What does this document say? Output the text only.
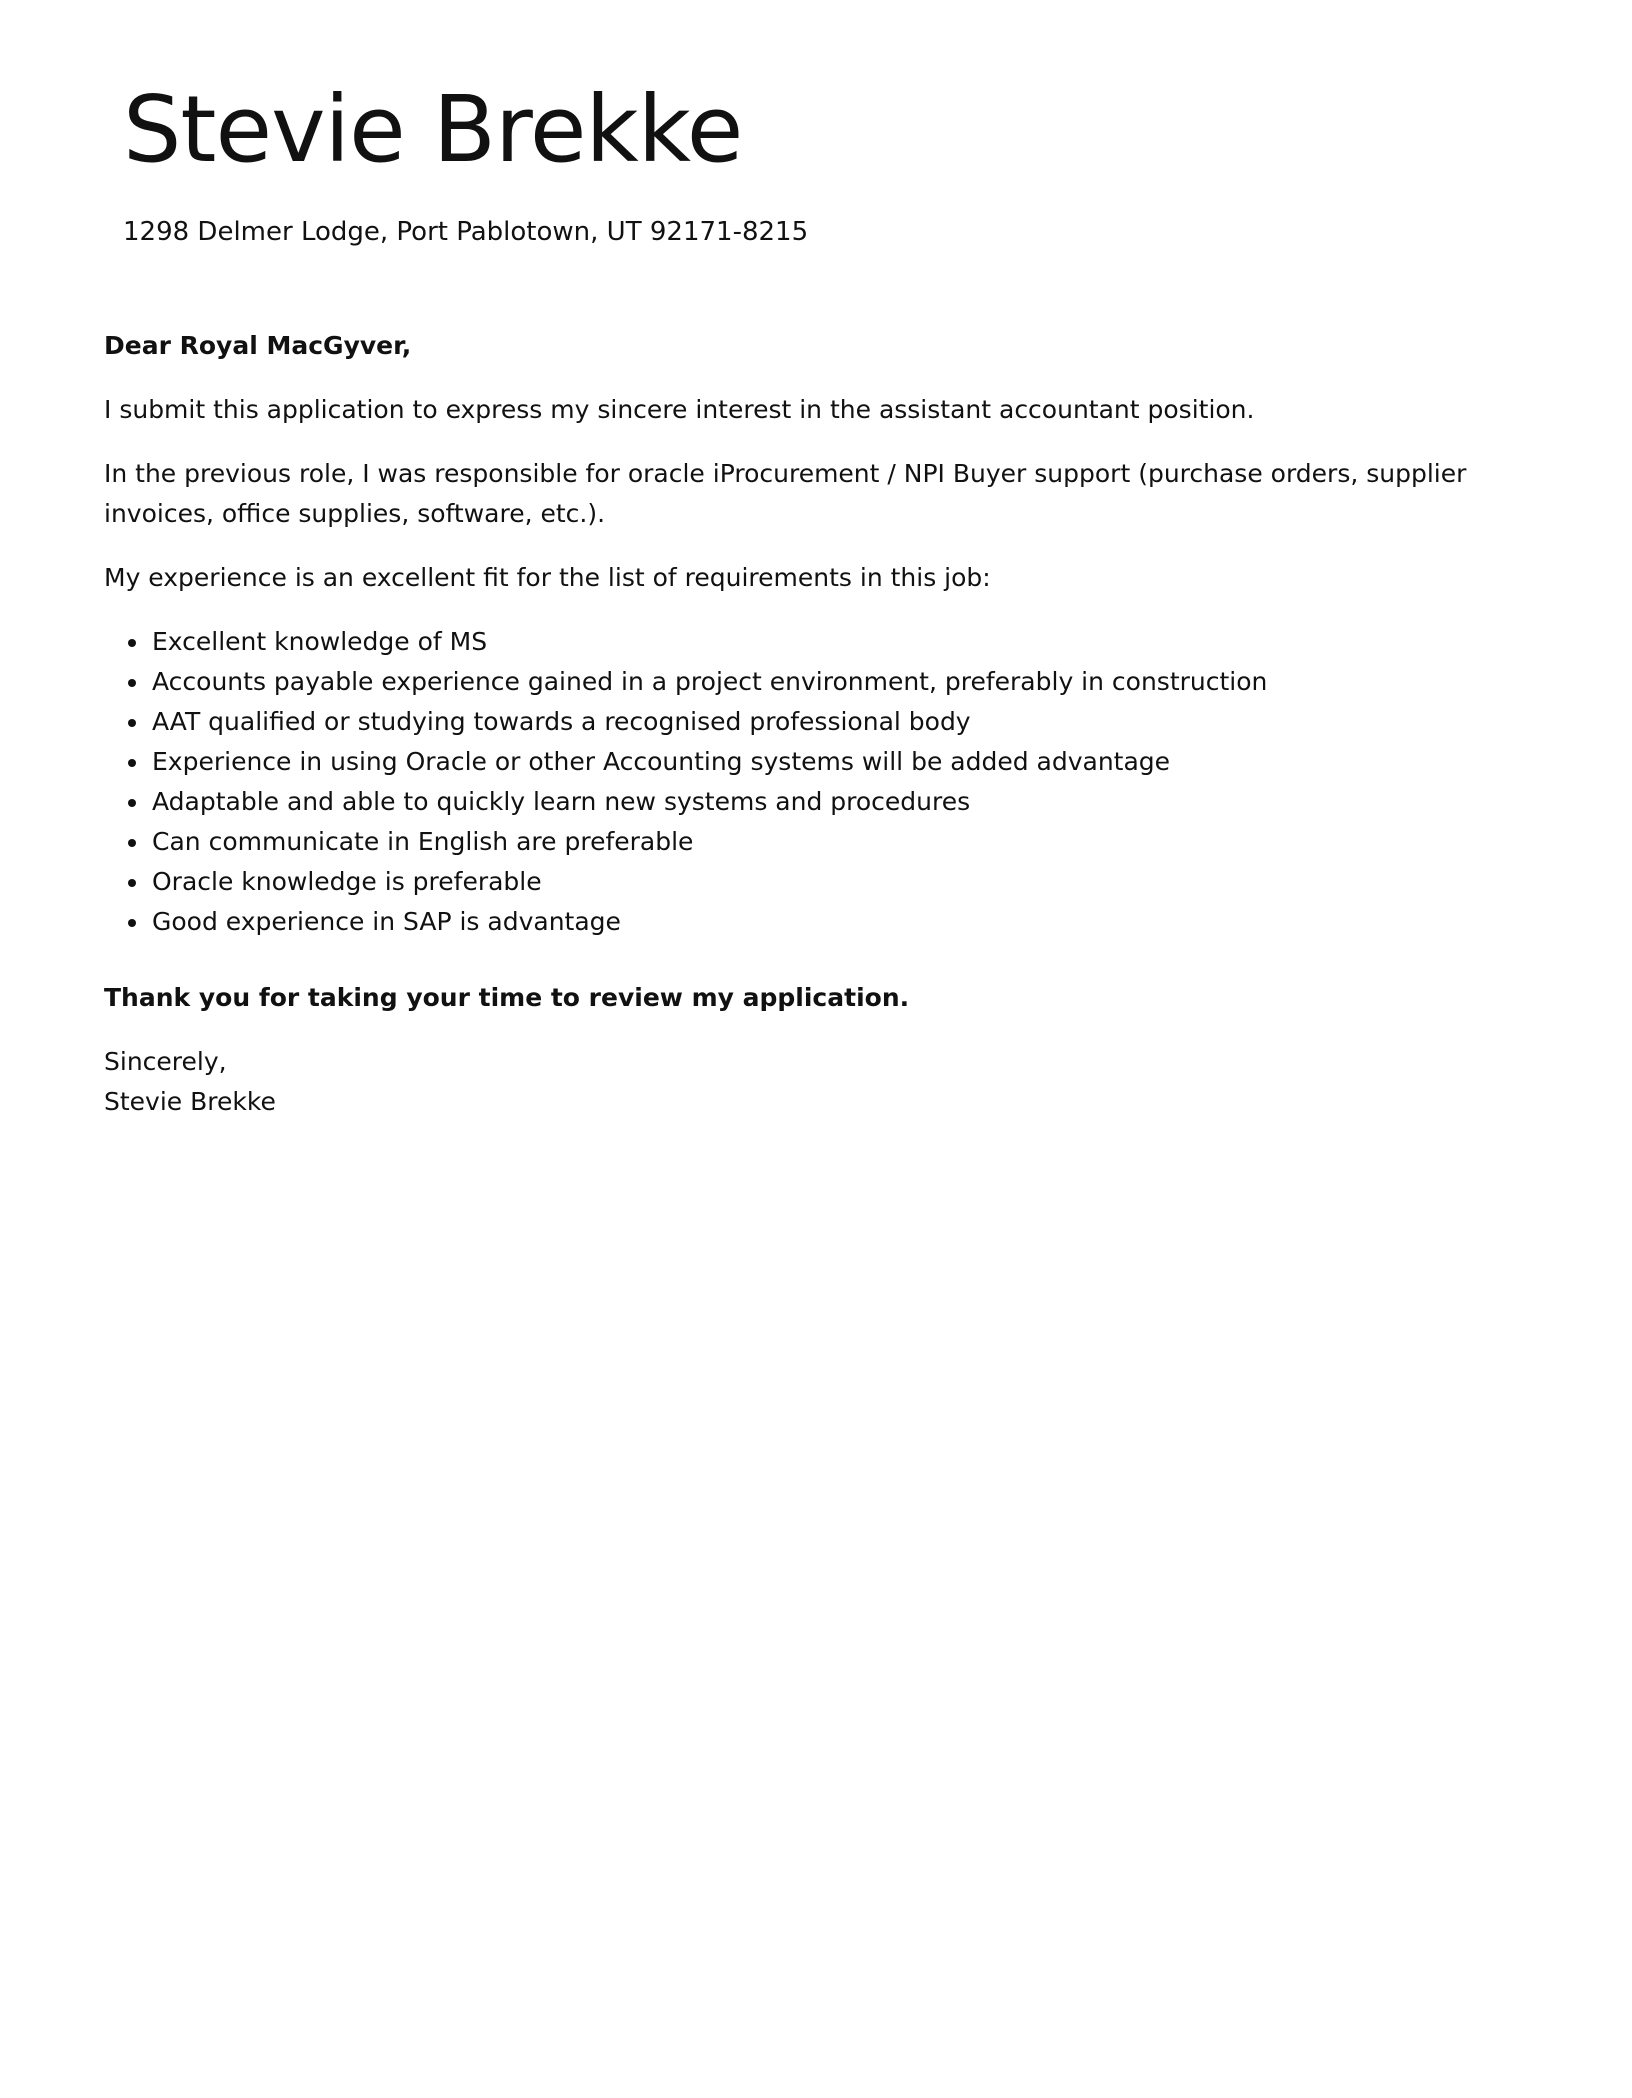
Stevie Brekke
1298 Delmer Lodge, Port Pablotown, UT 92171-8215

Dear Royal MacGyver,

I submit this application to express my sincere interest in the assistant accountant position.

In the previous role, I was responsible for oracle iProcurement / NPI Buyer support (purchase orders, supplier invoices, office supplies, software, etc.).

My experience is an excellent fit for the list of requirements in this job:

Excellent knowledge of MS
Accounts payable experience gained in a project environment, preferably in construction
AAT qualified or studying towards a recognised professional body
Experience in using Oracle or other Accounting systems will be added advantage
Adaptable and able to quickly learn new systems and procedures
Can communicate in English are preferable
Oracle knowledge is preferable
Good experience in SAP is advantage

Thank you for taking your time to review my application.

Sincerely,

Stevie Brekke
